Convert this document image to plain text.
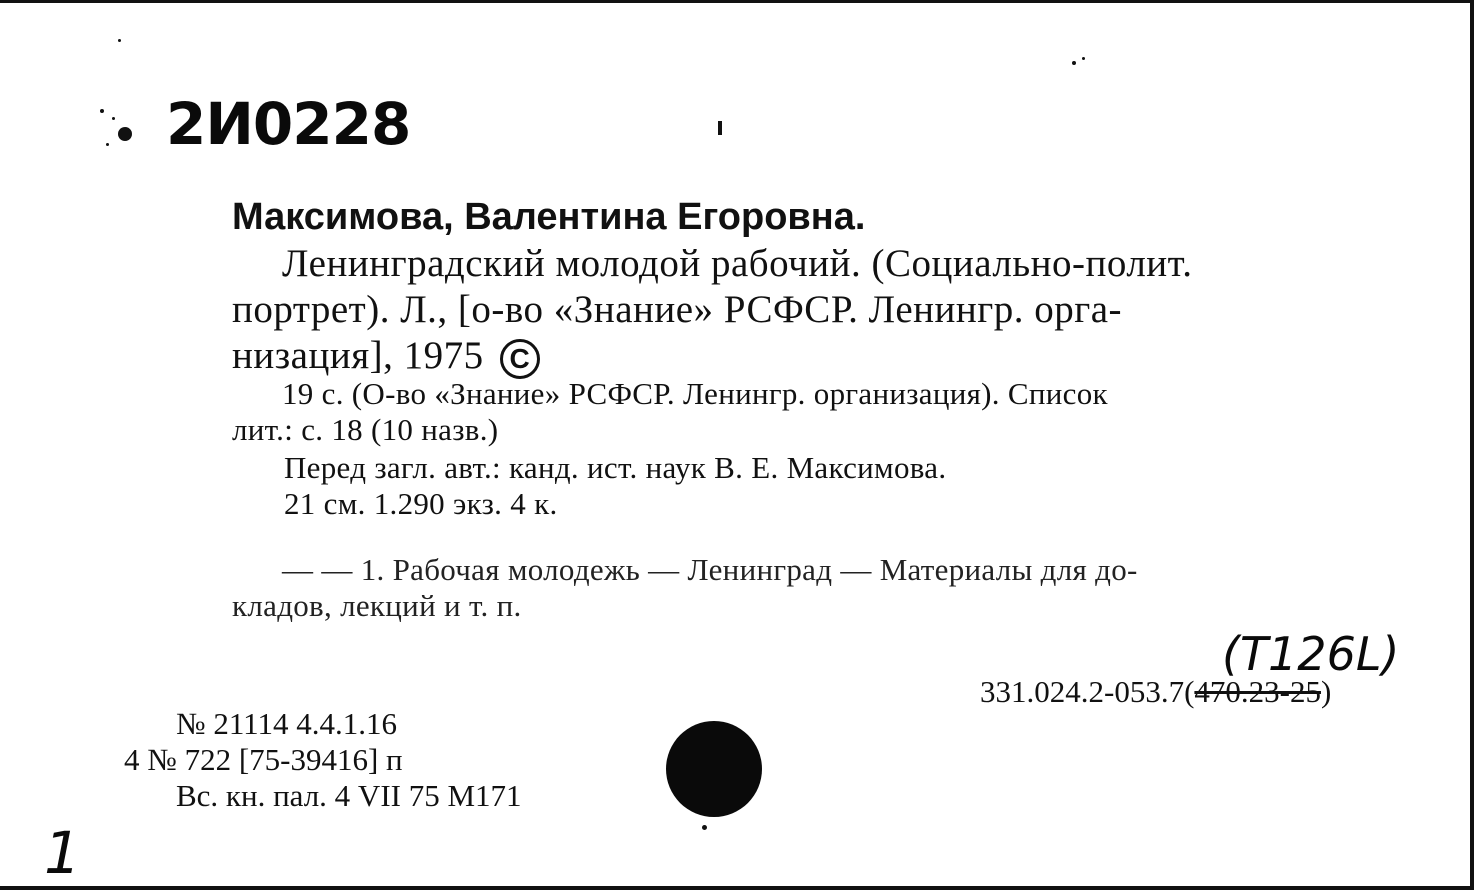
2И0228
Максимова, Валентина Егоровна.
Ленинградский молодой рабочий. (Социально-полит.
портрет). Л., [о-во «Знание» РСФСР. Ленингр. орга-
низация], 1975 C
19 с. (О-во «Знание» РСФСР. Ленингр. организация). Список
лит.: с. 18 (10 назв.)
Перед загл. авт.: канд. ист. наук В. Е. Максимова.
21 см. 1.290 экз. 4 к.
— — 1. Рабочая молодежь — Ленинград — Материалы для до-
кладов, лекций и т. п.
(Т126L)
331.024.2-053.7(470.23-25)
№ 21114 4.4.1.16
4 № 722 [75-39416] п
Вс. кн. пал. 4 VII 75 М171
1
